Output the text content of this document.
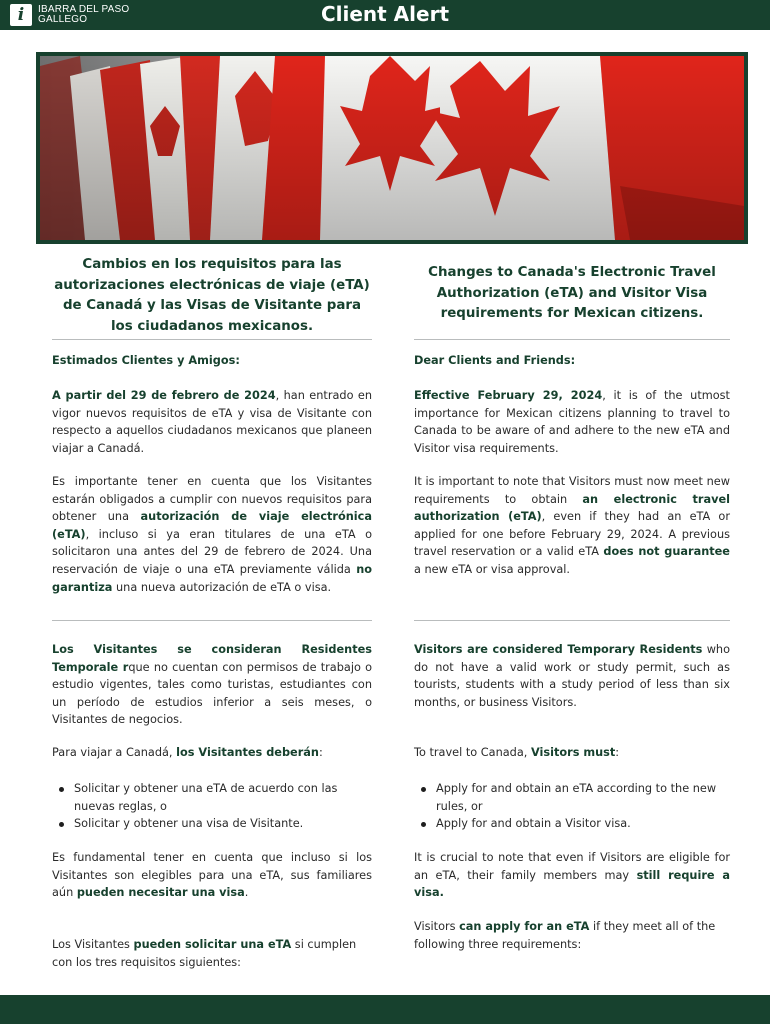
i	IBARRA DEL PASO
GALLEGO	Client Alert
Cambios en los requisitos para las autorizaciones electrónicas de viaje (eTA) de Canadá y las Visas de Visitante para los ciudadanos mexicanos.
Changes to Canada's Electronic Travel Authorization (eTA) and Visitor Visa requirements for Mexican citizens.
Estimados Clientes y Amigos:

A partir del 29 de febrero de 2024, han entrado en vigor nuevos requisitos de eTA y visa de Visitante con respecto a aquellos ciudadanos mexicanos que planeen viajar a Canadá.

Es importante tener en cuenta que los Visitantes estarán obligados a cumplir con nuevos requisitos para obtener una autorización de viaje electrónica (eTA), incluso si ya eran titulares de una eTA o solicitaron una antes del 29 de febrero de 2024. Una reservación de viaje o una eTA previamente válida no garantiza una nueva autorización de eTA o visa.

Los Visitantes se consideran Residentes Temporale rque no cuentan con permisos de trabajo o estudio vigentes, tales como turistas, estudiantes con un período de estudios inferior a seis meses, o Visitantes de negocios.

Para viajar a Canadá, los Visitantes deberán:

Solicitar y obtener una eTA de acuerdo con las nuevas reglas, o
Solicitar y obtener una visa de Visitante.

Es fundamental tener en cuenta que incluso si los Visitantes son elegibles para una eTA, sus familiares aún pueden necesitar una visa.

Los Visitantes pueden solicitar una eTA si cumplen con los tres requisitos siguientes:

Dear Clients and Friends:

Effective February 29, 2024, it is of the utmost importance for Mexican citizens planning to travel to Canada to be aware of and adhere to the new eTA and Visitor visa requirements.

It is important to note that Visitors must now meet new requirements to obtain an electronic travel authorization (eTA), even if they had an eTA or applied for one before February 29, 2024. A previous travel reservation or a valid eTA does not guarantee a new eTA or visa approval.

Visitors are considered Temporary Residents who do not have a valid work or study permit, such as tourists, students with a study period of less than six months, or business Visitors.

To travel to Canada, Visitors must:

Apply for and obtain an eTA according to the new rules, or
Apply for and obtain a Visitor visa.

It is crucial to note that even if Visitors are eligible for an eTA, their family members may still require a visa.

Visitors can apply for an eTA if they meet all of the following three requirements:
